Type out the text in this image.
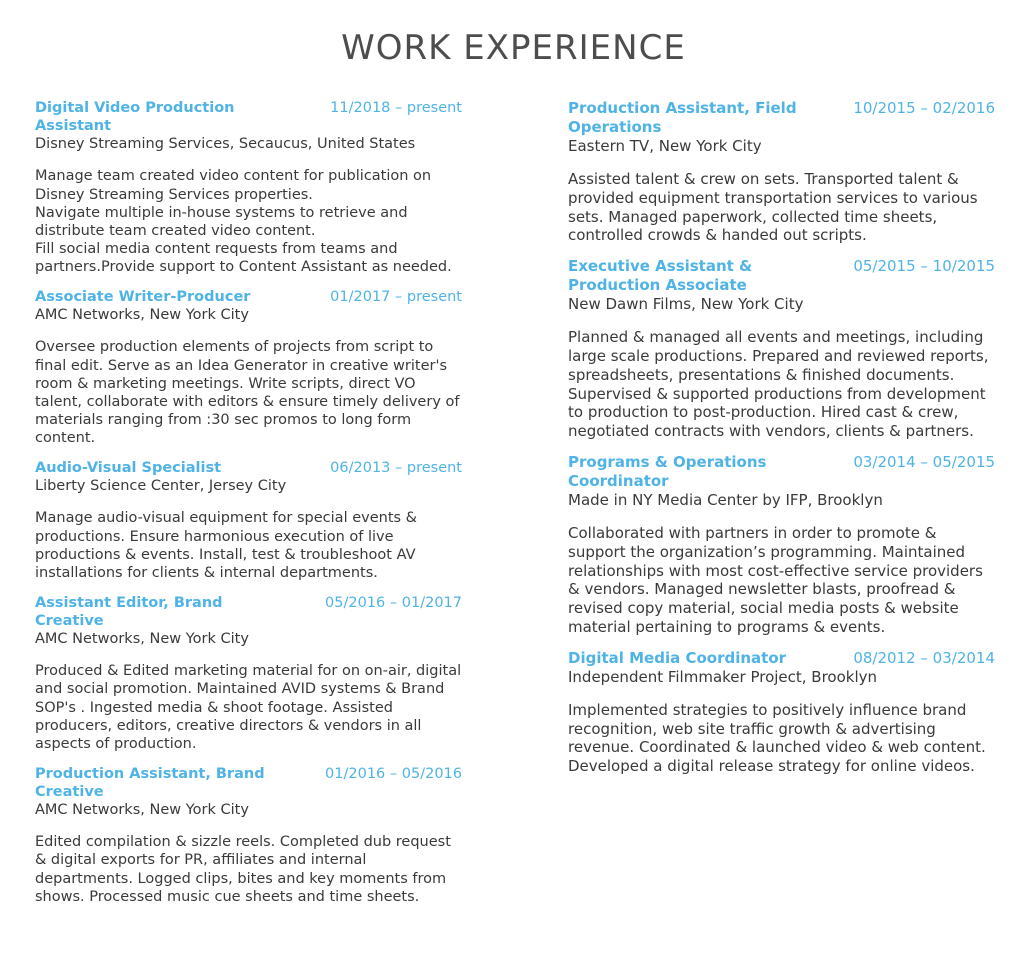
WORK EXPERIENCE
Digital Video Production Assistant
11/2018 – present
Disney Streaming Services, Secaucus, United States
Manage team created video content for publication on Disney Streaming Services properties.
Navigate multiple in-house systems to retrieve and distribute team created video content.
Fill social media content requests from teams and partners.Provide support to Content Assistant as needed.
Associate Writer-Producer	01/2017 – present
AMC Networks, New York City
Oversee production elements of projects from script to final edit. Serve as an Idea Generator in creative writer's room & marketing meetings. Write scripts, direct VO talent, collaborate with editors & ensure timely delivery of materials ranging from :30 sec promos to long form content.
Audio-Visual Specialist	06/2013 – present
Liberty Science Center, Jersey City
Manage audio-visual equipment for special events & productions. Ensure harmonious execution of live productions & events. Install, test & troubleshoot AV installations for clients & internal departments.
Assistant Editor, Brand Creative
05/2016 – 01/2017
AMC Networks, New York City
Produced & Edited marketing material for on on-air, digital and social promotion. Maintained AVID systems & Brand SOP's . Ingested media & shoot footage. Assisted producers, editors, creative directors & vendors in all aspects of production.
Production Assistant, Brand Creative
01/2016 – 05/2016
AMC Networks, New York City
Edited compilation & sizzle reels. Completed dub request & digital exports for PR, affiliates and internal departments. Logged clips, bites and key moments from shows. Processed music cue sheets and time sheets.
Production Assistant, Field Operations
10/2015 – 02/2016
Eastern TV, New York City
Assisted talent & crew on sets. Transported talent & provided equipment transportation services to various sets. Managed paperwork, collected time sheets, controlled crowds & handed out scripts.
Executive Assistant & Production Associate
05/2015 – 10/2015
New Dawn Films, New York City
Planned & managed all events and meetings, including large scale productions. Prepared and reviewed reports, spreadsheets, presentations & finished documents. Supervised & supported productions from development to production to post-production. Hired cast & crew, negotiated contracts with vendors, clients & partners.
Programs & Operations Coordinator
03/2014 – 05/2015
Made in NY Media Center by IFP, Brooklyn
Collaborated with partners in order to promote & support the organization’s programming. Maintained relationships with most cost-effective service providers & vendors. Managed newsletter blasts, proofread & revised copy material, social media posts & website material pertaining to programs & events.
Digital Media Coordinator	08/2012 – 03/2014
Independent Filmmaker Project, Brooklyn
Implemented strategies to positively influence brand recognition, web site traffic growth & advertising revenue. Coordinated & launched video & web content. Developed a digital release strategy for online videos.
